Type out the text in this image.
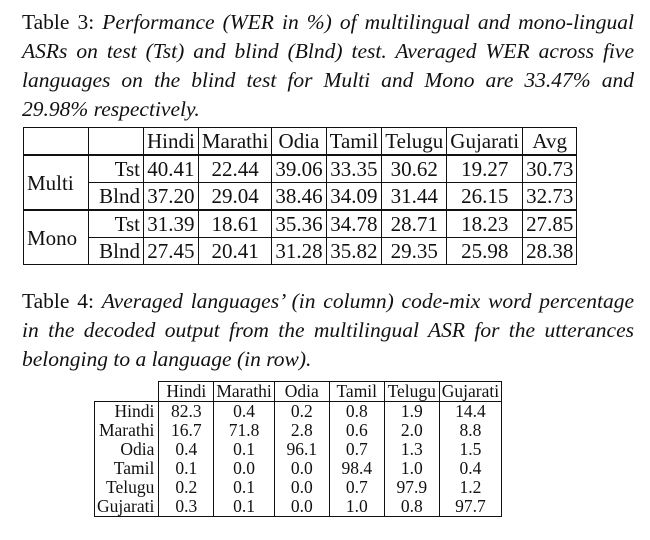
Table 3: Performance (WER in %) of multilingual and mono-lingual ASRs on test (Tst) and blind (Blnd) test. Averaged WER across five languages on the blind test for Multi and Mono are 33.47% and 29.98% respectively.
		Hindi	Marathi	Odia	Tamil	Telugu	Gujarati	Avg
Multi	Tst	40.41	22.44	39.06	33.35	30.62	19.27	30.73
	Blnd	37.20	29.04	38.46	34.09	31.44	26.15	32.73
Mono	Tst	31.39	18.61	35.36	34.78	28.71	18.23	27.85
	Blnd	27.45	20.41	31.28	35.82	29.35	25.98	28.38
Table 4: Averaged languages’ (in column) code-mix word percentage in the decoded output from the multilingual ASR for the utterances belonging to a language (in row).
	Hindi	Marathi	Odia	Tamil	Telugu	Gujarati
Hindi	82.3	0.4	0.2	0.8	1.9	14.4
Marathi	16.7	71.8	2.8	0.6	2.0	8.8
Odia	0.4	0.1	96.1	0.7	1.3	1.5
Tamil	0.1	0.0	0.0	98.4	1.0	0.4
Telugu	0.2	0.1	0.0	0.7	97.9	1.2
Gujarati	0.3	0.1	0.0	1.0	0.8	97.7
